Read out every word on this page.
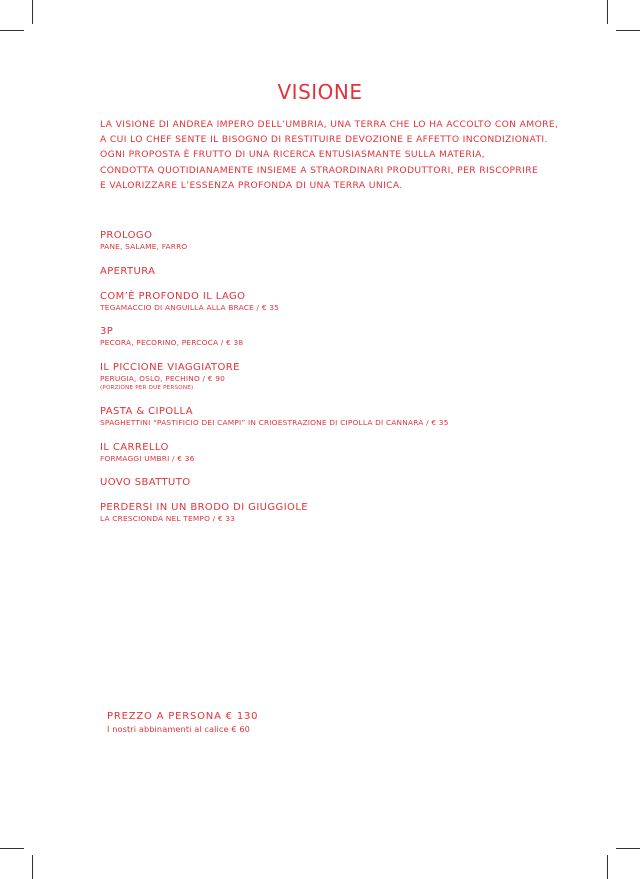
VISIONE

LA VISIONE DI ANDREA IMPERO DELL’UMBRIA, UNA TERRA CHE LO HA ACCOLTO CON AMORE,
A CUI LO CHEF SENTE IL BISOGNO DI RESTITUIRE DEVOZIONE E AFFETTO INCONDIZIONATI.
OGNI PROPOSTA È FRUTTO DI UNA RICERCA ENTUSIASMANTE SULLA MATERIA,
CONDOTTA QUOTIDIANAMENTE INSIEME A STRAORDINARI PRODUTTORI, PER RISCOPRIRE
E VALORIZZARE L’ESSENZA PROFONDA DI UNA TERRA UNICA.

PROLOGO
PANE, SALAME, FARRO
APERTURA
COM’È PROFONDO IL LAGO
TEGAMACCIO DI ANGUILLA ALLA BRACE / € 35
3P
PECORA, PECORINO, PERCOCA / € 38
IL PICCIONE VIAGGIATORE
PERUGIA, OSLO, PECHINO / € 90
(PORZIONE PER DUE PERSONE)
PASTA & CIPOLLA
SPAGHETTINI “PASTIFICIO DEI CAMPI” IN CRIOESTRAZIONE DI CIPOLLA DI CANNARA / € 35
IL CARRELLO
FORMAGGI UMBRI / € 36
UOVO SBATTUTO
PERDERSI IN UN BRODO DI GIUGGIOLE
LA CRESCIONDA NEL TEMPO / € 33
PREZZO A PERSONA € 130
I nostri abbinamenti al calice € 60
